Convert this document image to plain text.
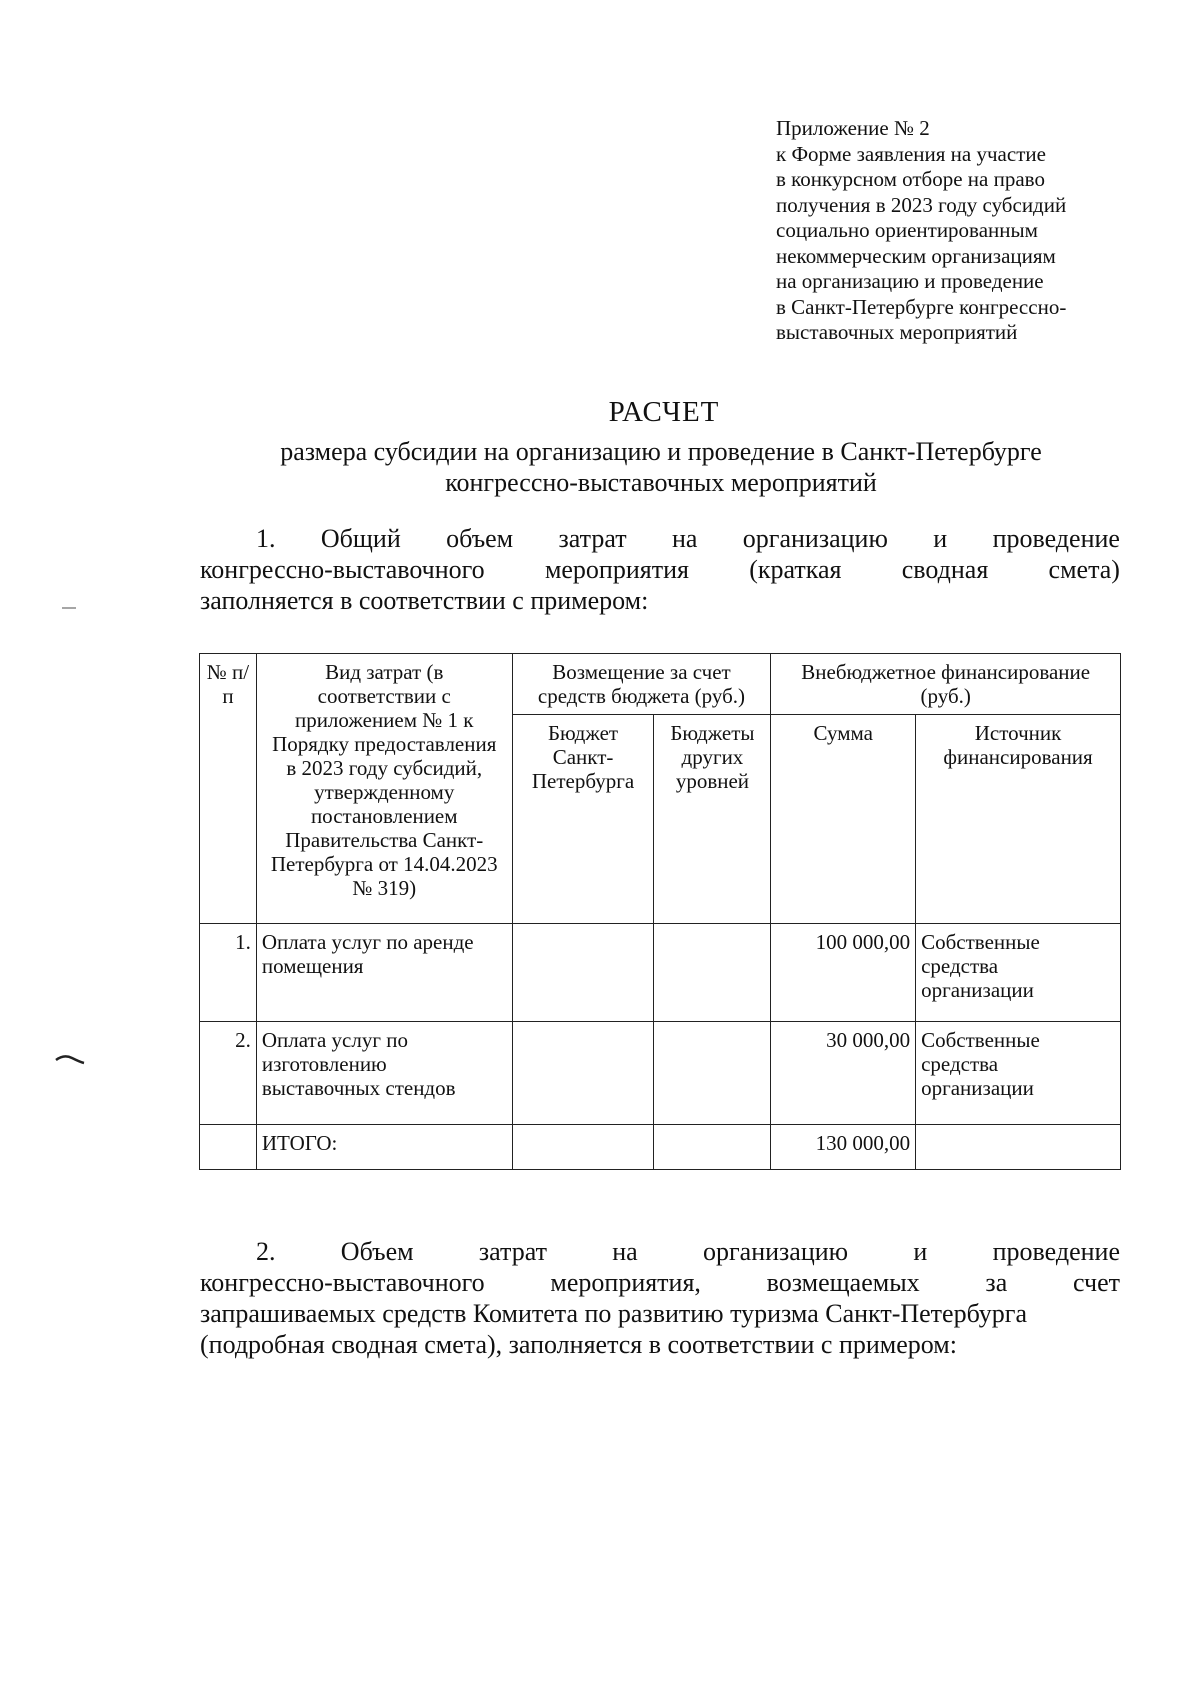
Приложение № 2
к Форме заявления на участие
в конкурсном отборе на право
получения в 2023 году субсидий
социально ориентированным
некоммерческим организациям
на организацию и проведение
в Санкт-Петербурге конгрессно-
выставочных мероприятий
РАСЧЕТ
размера субсидии на организацию и проведение в Санкт-Петербурге
конгрессно-выставочных мероприятий
1. Общий объем затрат на организацию и проведение
конгрессно-выставочного мероприятия (краткая сводная смета)
заполняется в соответствии с примером:
№ п/п	Вид затрат (в соответствии с приложением № 1 к Порядку предоставления в 2023 году субсидий, утвержденному постановлением Правительства Санкт-Петербурга от 14.04.2023 № 319)	Возмещение за счет средств бюджета (руб.)		Внебюджетное финансирование (руб.)	
		Бюджет Санкт-Петербурга	Бюджеты других уровней	Сумма	Источник финансирования
1.	Оплата услуг по аренде помещения			100 000,00	Собственные средства организации
2.	Оплата услуг по изготовлению выставочных стендов			30 000,00	Собственные средства организации
	ИТОГО:			130 000,00	
2.	Объем	затрат	на	организацию	и	проведение
конгрессно-выставочного	мероприятия,	возмещаемых	за	счет
запрашиваемых средств Комитета по развитию туризма Санкт-Петербурга
(подробная сводная смета), заполняется в соответствии с примером:
